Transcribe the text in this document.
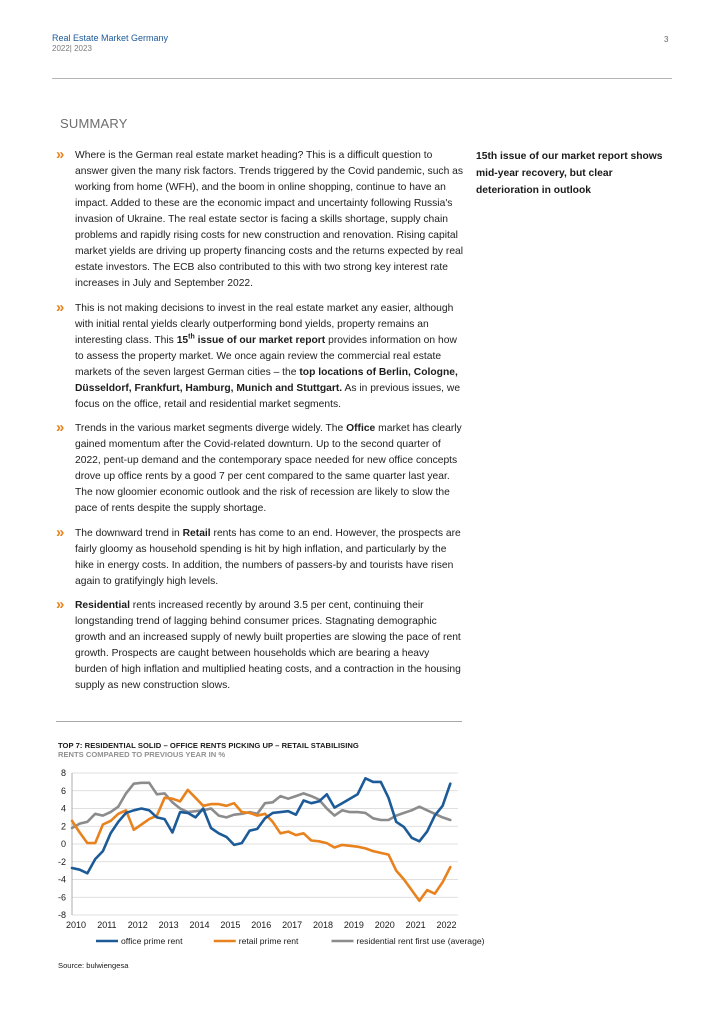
Real Estate Market Germany
2022| 2023
3
SUMMARY
» Where is the German real estate market heading? This is a difficult question to answer given the many risk factors. Trends triggered by the Covid pandemic, such as working from home (WFH), and the boom in online shopping, continue to have an impact. Added to these are the economic impact and uncertainty following Russia's invasion of Ukraine. The real estate sector is facing a skills shortage, supply chain problems and rapidly rising costs for new construction and renovation. Rising capital market yields are driving up property financing costs and the returns expected by real estate investors. The ECB also contributed to this with two strong key interest rate increases in July and September 2022.
» This is not making decisions to invest in the real estate market any easier, although with initial rental yields clearly outperforming bond yields, property remains an interesting class. This 15th issue of our market report provides information on how to assess the property market. We once again review the commercial real estate markets of the seven largest German cities – the top locations of Berlin, Cologne, Düsseldorf, Frankfurt, Hamburg, Munich and Stuttgart. As in previous issues, we focus on the office, retail and residential market segments.
» Trends in the various market segments diverge widely. The Office market has clearly gained momentum after the Covid-related downturn. Up to the second quarter of 2022, pent-up demand and the contemporary space needed for new office concepts drove up office rents by a good 7 per cent compared to the same quarter last year. The now gloomier economic outlook and the risk of recession are likely to slow the pace of rents despite the supply shortage.
» The downward trend in Retail rents has come to an end. However, the prospects are fairly gloomy as household spending is hit by high inflation, and particularly by the hike in energy costs. In addition, the numbers of passers-by and tourists have risen again to gratifyingly high levels.
» Residential rents increased recently by around 3.5 per cent, continuing their longstanding trend of lagging behind consumer prices. Stagnating demographic growth and an increased supply of newly built properties are slowing the pace of rent growth. Prospects are caught between households which are bearing a heavy burden of high inflation and multiplied heating costs, and a contraction in the housing supply as new construction slows.
15th issue of our market report shows mid-year recovery, but clear deterioration in outlook
TOP 7: RESIDENTIAL SOLID – OFFICE RENTS PICKING UP – RETAIL STABILISING
RENTS COMPARED TO PREVIOUS YEAR IN %
8
6
4
2
0
-2
-4
-6
-8
2010 2011 2012 2013 2014 2015 2016 2017 2018 2019 2020 2021 2022
office prime rent	retail prime rent	residential rent first use (average)
Source: bulwiengesa
